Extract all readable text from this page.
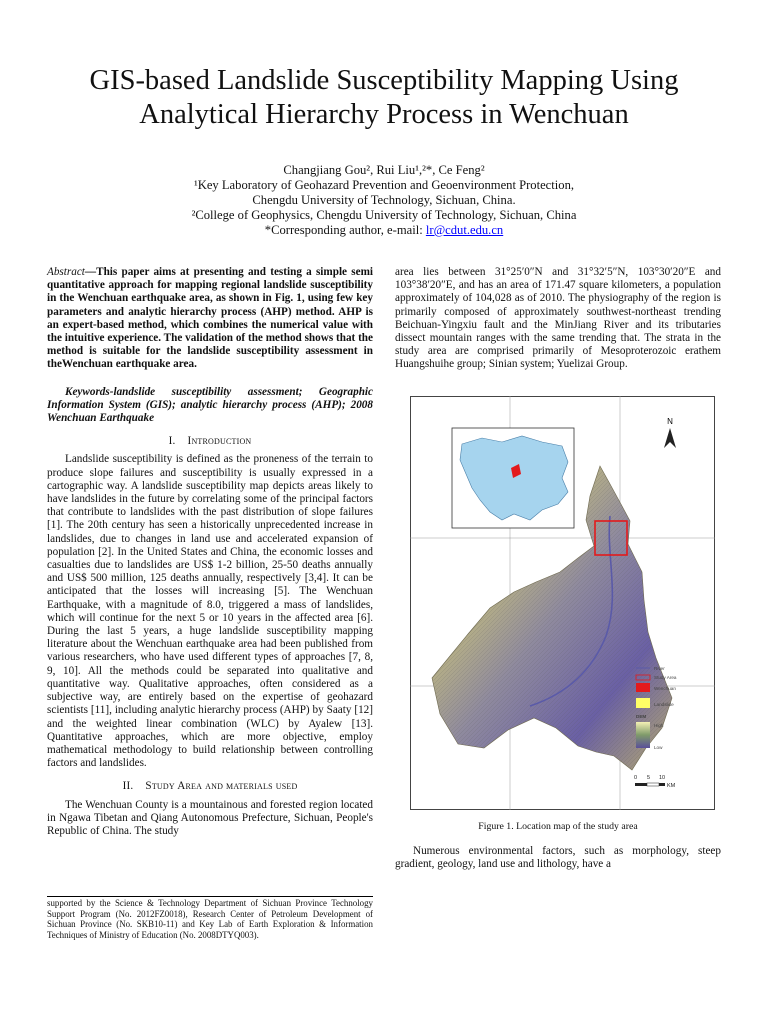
GIS-based Landslide Susceptibility Mapping Using Analytical Hierarchy Process in Wenchuan
Changjiang Gou², Rui Liu¹,²*, Ce Feng²
¹Key Laboratory of Geohazard Prevention and Geoenvironment Protection,
Chengdu University of Technology, Sichuan, China.
²College of Geophysics, Chengdu University of Technology, Sichuan, China
*Corresponding author, e-mail: lr@cdut.edu.cn

Abstract—This paper aims at presenting and testing a simple semi quantitative approach for mapping regional landslide susceptibility in the Wenchuan earthquake area, as shown in Fig. 1, using few key parameters and analytic hierarchy process (AHP) method. AHP is an expert-based method, which combines the numerical value with the intuitive experience. The validation of the method shows that the method is suitable for the landslide susceptibility assessment in theWenchuan earthquake area.

Keywords-landslide susceptibility assessment; Geographic Information System (GIS); analytic hierarchy process (AHP); 2008 Wenchuan Earthquake

I. Introduction

Landslide susceptibility is defined as the proneness of the terrain to produce slope failures and susceptibility is usually expressed in a cartographic way. A landslide susceptibility map depicts areas likely to have landslides in the future by correlating some of the principal factors that contribute to landslides with the past distribution of slope failures [1]. The 20th century has seen a historically unprecedented increase in landslides, due to changes in land use and accelerated expansion of population [2]. In the United States and China, the economic losses and casualties due to landslides are US$ 1-2 billion, 25-50 deaths annually and US$ 500 million, 125 deaths annually, respectively [3,4]. It can be anticipated that the losses will increasing [5]. The Wenchuan Earthquake, with a magnitude of 8.0, triggered a mass of landslides, which will continue for the next 5 or 10 years in the affected area [6]. During the last 5 years, a huge landslide susceptibility mapping literature about the Wenchuan earthquake area had been published from various researchers, who have used different types of approaches [7, 8, 9, 10]. All the methods could be separated into qualitative and quantitative way. Qualitative approaches, often considered as a subjective way, are entirely based on the expertise of geohazard scientists [11], including analytic hierarchy process (AHP) by Saaty [12] and the weighted linear combination (WLC) by Ayalew [13]. Quantitative approaches, which are more objective, employ mathematical methodology to build relationship between controlling factors and landslides.

II. Study Area and materials used

The Wenchuan County is a mountainous and forested region located in Ngawa Tibetan and Qiang Autonomous Prefecture, Sichuan, People's Republic of China. The study

supported by the Science & Technology Department of Sichuan Province Technology Support Program (No. 2012FZ0018), Research Center of Petroleum Development of Sichuan Province (No. SKB10-11) and Key Lab of Earth Exploration & Information Techniques of Ministry of Education (No. 2008DTYQ003).

area lies between 31°25′0″N and 31°32′5″N, 103°30′20″E and 103°38′20″E, and has an area of 171.47 square kilometers, a population approximately of 104,028 as of 2010. The physiography of the region is primarily composed of approximately southwest-northeast trending Beichuan-Yingxiu fault and the MinJiang River and its tributaries dissect mountain ranges with the same trending that. The strata in the study area are comprised primarily of Mesoproterozoic erathem Huangshuihe group; Sinian system; Yuelizai Group.

N
River
Study Area
Wenchuan
Landslide
DEM
High
Low
0 5 10
KM
Figure 1. Location map of the study area

Numerous environmental factors, such as morphology, steep gradient, geology, land use and lithology, have a
